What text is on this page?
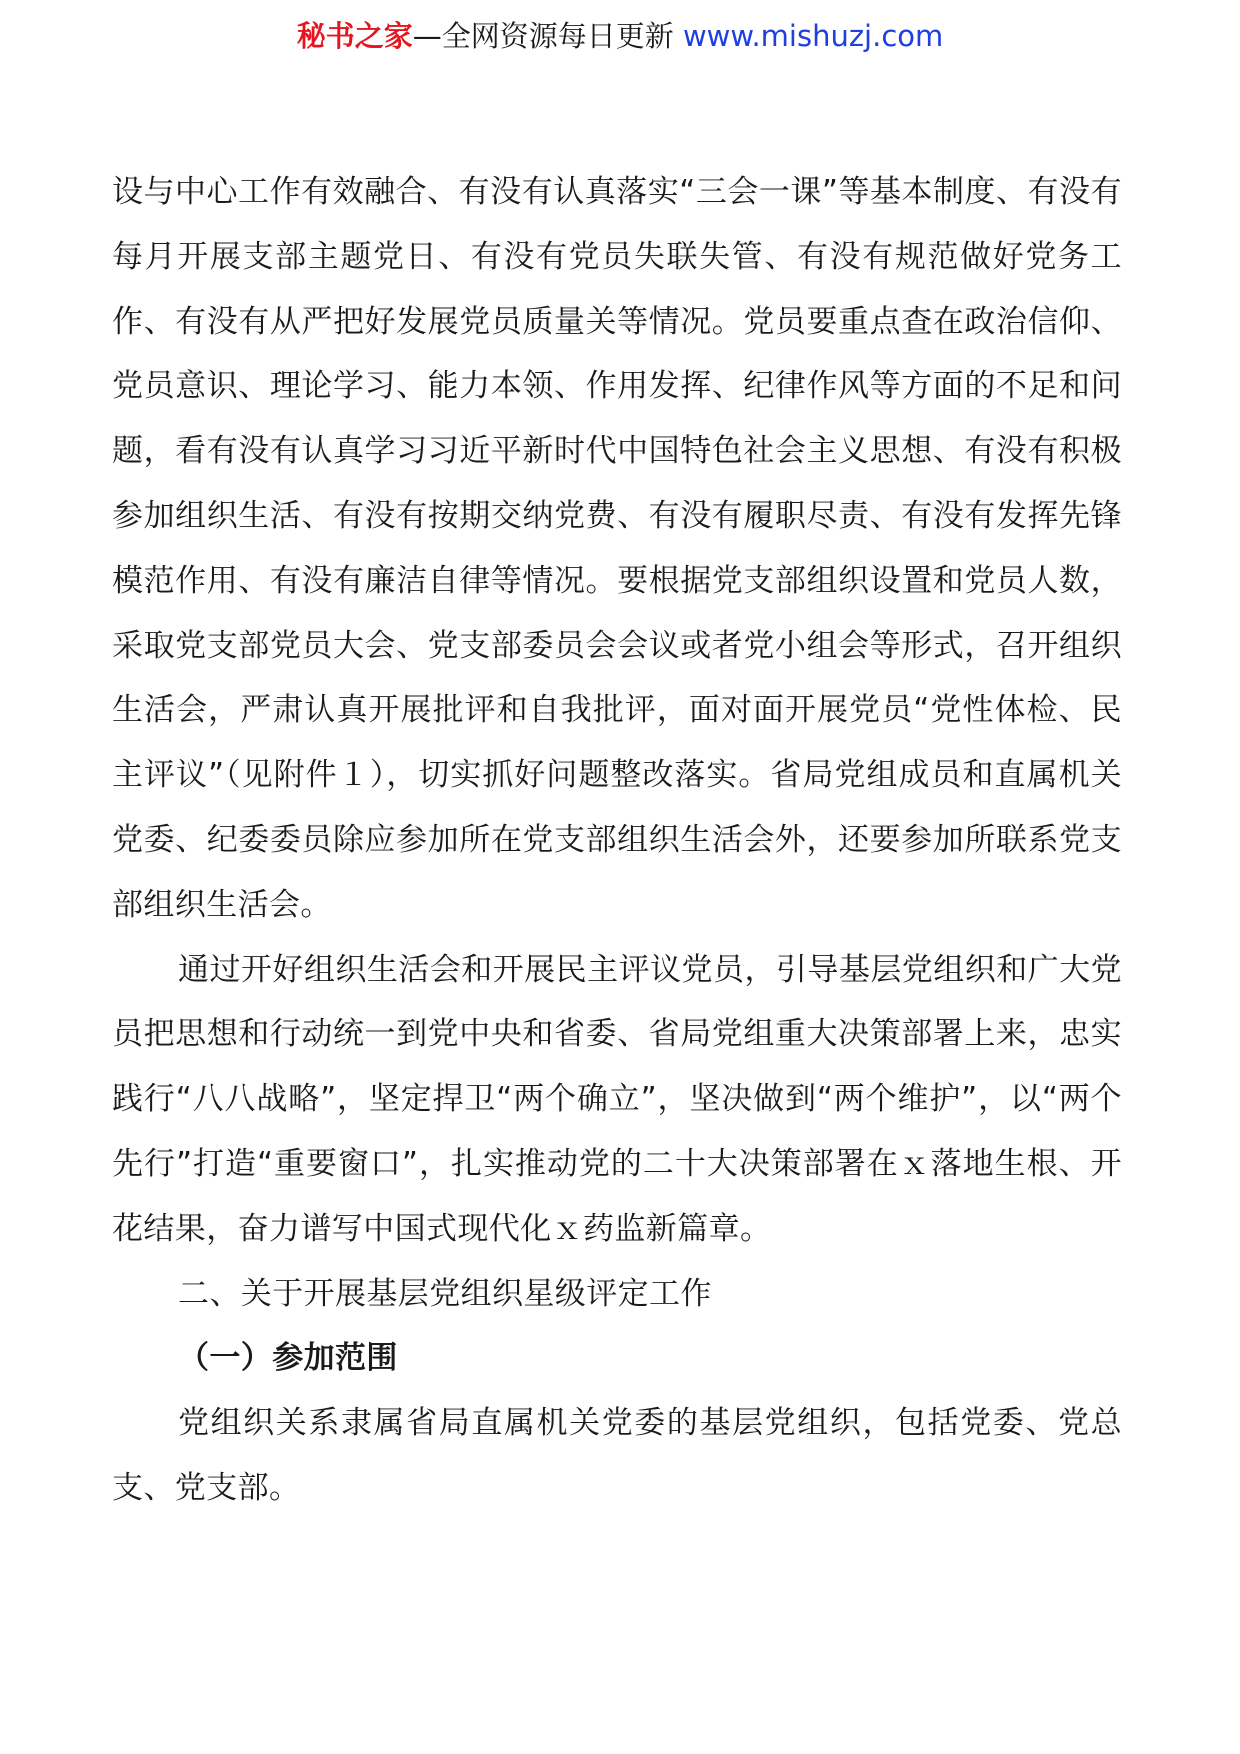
秘书之家—全网资源每日更新 www.mishuzj.com

设与中心工作有效融合、有没有认真落实“三会一课”等基本制度、有没有每月开展支部主题党日、有没有党员失联失管、有没有规范做好党务工作、有没有从严把好发展党员质量关等情况。党员要重点查在政治信仰、党员意识、理论学习、能力本领、作用发挥、纪律作风等方面的不足和问题，看有没有认真学习习近平新时代中国特色社会主义思想、有没有积极参加组织生活、有没有按期交纳党费、有没有履职尽责、有没有发挥先锋模范作用、有没有廉洁自律等情况。要根据党支部组织设置和党员人数，采取党支部党员大会、党支部委员会会议或者党小组会等形式，召开组织生活会，严肃认真开展批评和自我批评，面对面开展党员“党性体检、民主评议”（见附件１），切实抓好问题整改落实。省局党组成员和直属机关党委、纪委委员除应参加所在党支部组织生活会外，还要参加所联系党支部组织生活会。

通过开好组织生活会和开展民主评议党员，引导基层党组织和广大党员把思想和行动统一到党中央和省委、省局党组重大决策部署上来，忠实践行“八八战略”，坚定捍卫“两个确立”，坚决做到“两个维护”，以“两个先行”打造“重要窗口”，扎实推动党的二十大决策部署在ｘ落地生根、开花结果，奋力谱写中国式现代化ｘ药监新篇章。

二、关于开展基层党组织星级评定工作

（一）参加范围

党组织关系隶属省局直属机关党委的基层党组织，包括党委、党总支、党支部。
